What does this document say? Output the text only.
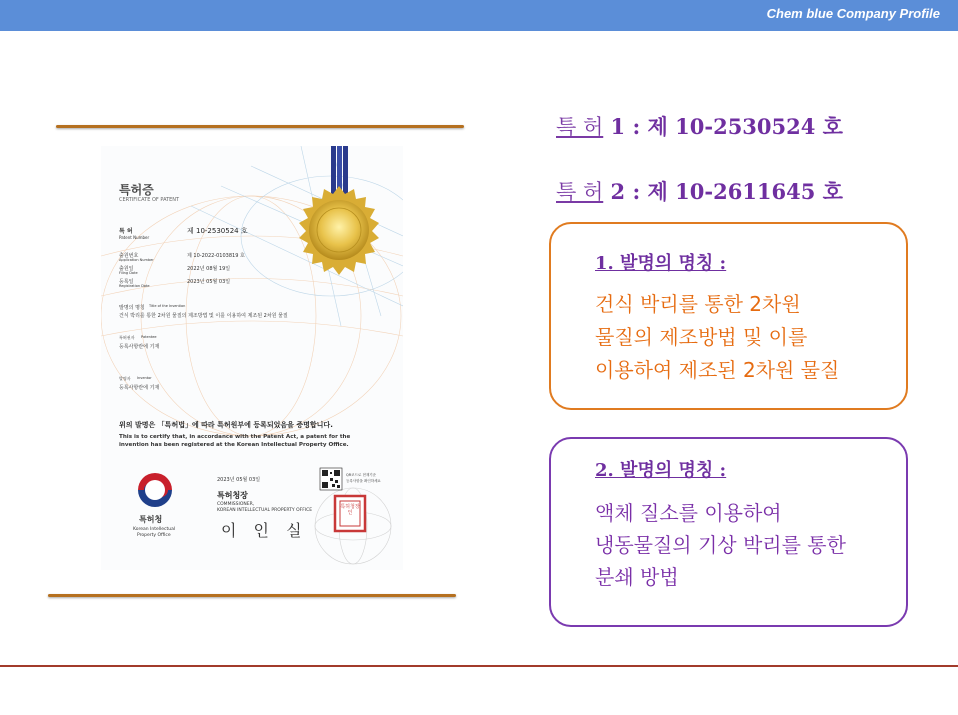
Chem blue Company Profile
특허증
CERTIFICATE OF PATENT
특 허
Patent Number
제 10-2530524 호
출원번호
Application Number
제 10-2022-0103819 호
출원일
Filing Date
2022년 08월 19일
등록일
Registration Date
2023년 05월 03일
발명의 명칭 Title of the Invention
건식 박리를 통한 2차원 물질의 제조방법 및 이를 이용하여 제조된 2차원 물질
특허권자 Patentee
등록사항란에 기재
발명자 Inventor
등록사항란에 기재
위의 발명은 「특허법」에 따라 특허원부에 등록되었음을 증명합니다.
This is to certify that, in accordance with the Patent Act, a patent for the
invention has been registered at the Korean Intellectual Property Office.
2023년 05월 03일
QR코드로 현재기준
등록사항을 확인하세요
특허청장
COMMISSIONER,
KOREAN INTELLECTUAL PROPERTY OFFICE
이 인 실
특허청장인
특허청
Korean Intellectual
Property Office
특 허 1 : 제 10-2530524 호
특 허 2 : 제 10-2611645 호
1. 발명의 명칭 :
건식 박리를 통한 2차원
물질의 제조방법 및 이를
이용하여 제조된 2차원 물질
2. 발명의 명칭 :
액체 질소를 이용하여
냉동물질의 기상 박리를 통한
분쇄 방법
